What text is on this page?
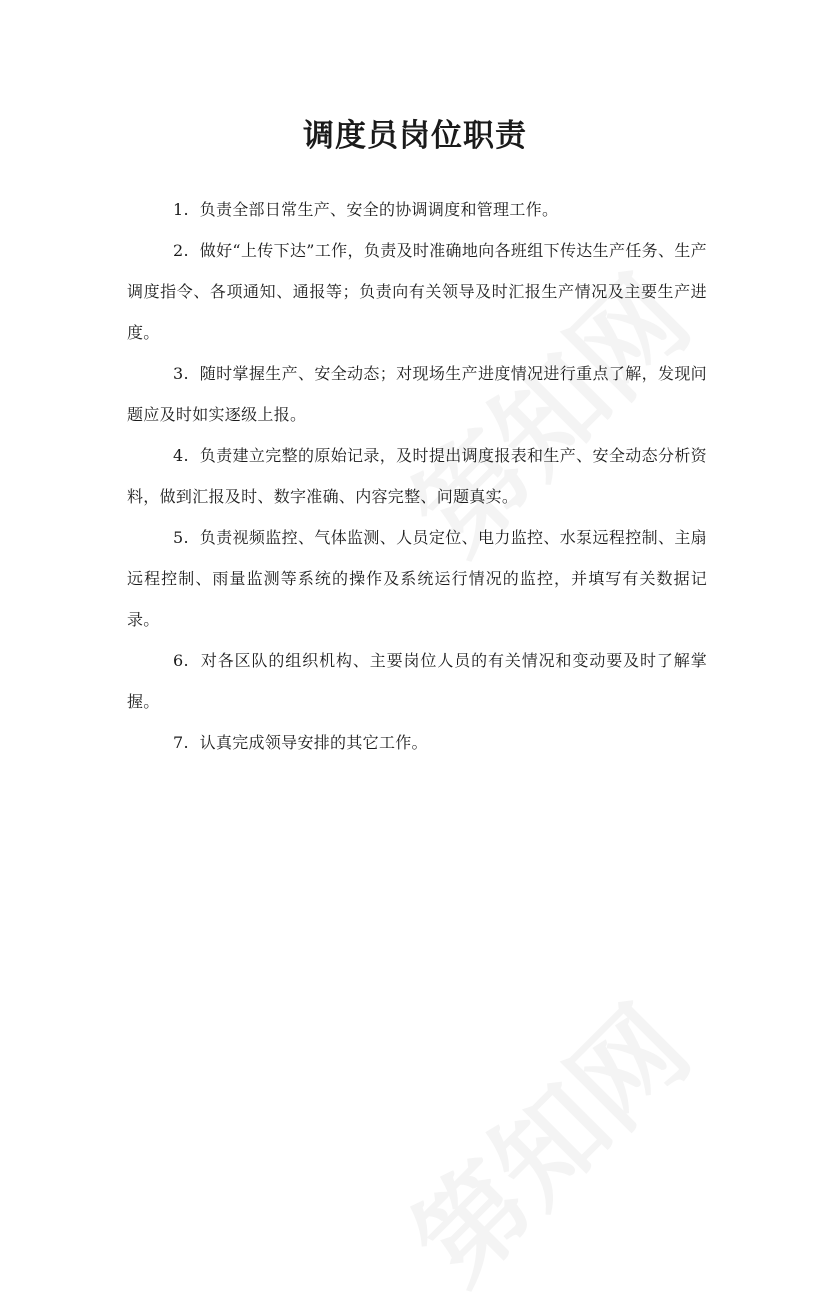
调度员岗位职责

1. 负责全部日常生产、安全的协调调度和管理工作。

2. 做好“上传下达”工作，负责及时准确地向各班组下传达生产任务、生产调度指令、各项通知、通报等；负责向有关领导及时汇报生产情况及主要生产进度。

3. 随时掌握生产、安全动态；对现场生产进度情况进行重点了解，发现问题应及时如实逐级上报。

4. 负责建立完整的原始记录，及时提出调度报表和生产、安全动态分析资料，做到汇报及时、数字准确、内容完整、问题真实。

5. 负责视频监控、气体监测、人员定位、电力监控、水泵远程控制、主扇远程控制、雨量监测等系统的操作及系统运行情况的监控，并填写有关数据记录。

6. 对各区队的组织机构、主要岗位人员的有关情况和变动要及时了解掌握。

7. 认真完成领导安排的其它工作。
